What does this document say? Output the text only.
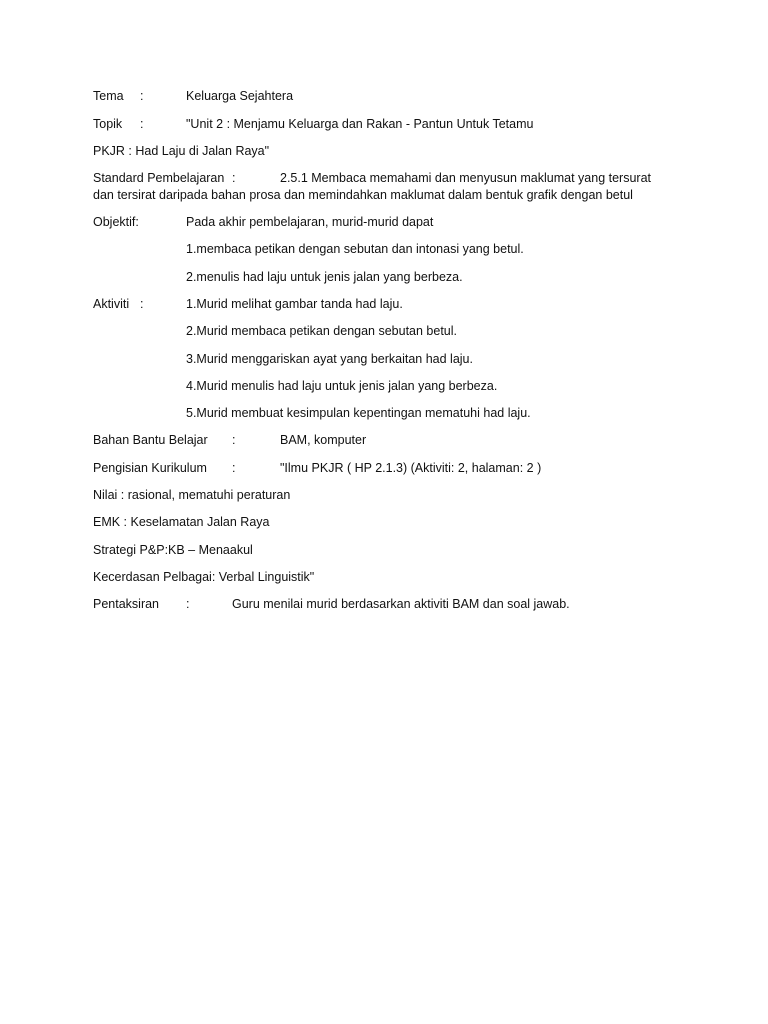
Tema :	Keluarga Sejahtera
Topik :	"Unit 2 : Menjamu Keluarga dan Rakan - Pantun Untuk Tetamu
PKJR : Had Laju di Jalan Raya"
Standard Pembelajaran :	2.5.1 Membaca memahami dan menyusun maklumat yang tersurat
dan tersirat daripada bahan prosa dan memindahkan maklumat dalam bentuk grafik dengan betul
Objektif:	Pada akhir pembelajaran, murid-murid dapat
1.membaca petikan dengan sebutan dan intonasi yang betul.
2.menulis had laju untuk jenis jalan yang berbeza.
Aktiviti :	1.Murid melihat gambar tanda had laju.
2.Murid membaca petikan dengan sebutan betul.
3.Murid menggariskan ayat yang berkaitan had laju.
4.Murid menulis had laju untuk jenis jalan yang berbeza.
5.Murid membuat kesimpulan kepentingan mematuhi had laju.
Bahan Bantu Belajar :	BAM, komputer
Pengisian Kurikulum :	"Ilmu PKJR ( HP 2.1.3) (Aktiviti: 2, halaman: 2 )
Nilai : rasional, mematuhi peraturan
EMK : Keselamatan Jalan Raya
Strategi P&P:KB – Menaakul
Kecerdasan Pelbagai: Verbal Linguistik"
Pentaksiran :	Guru menilai murid berdasarkan aktiviti BAM dan soal jawab.
